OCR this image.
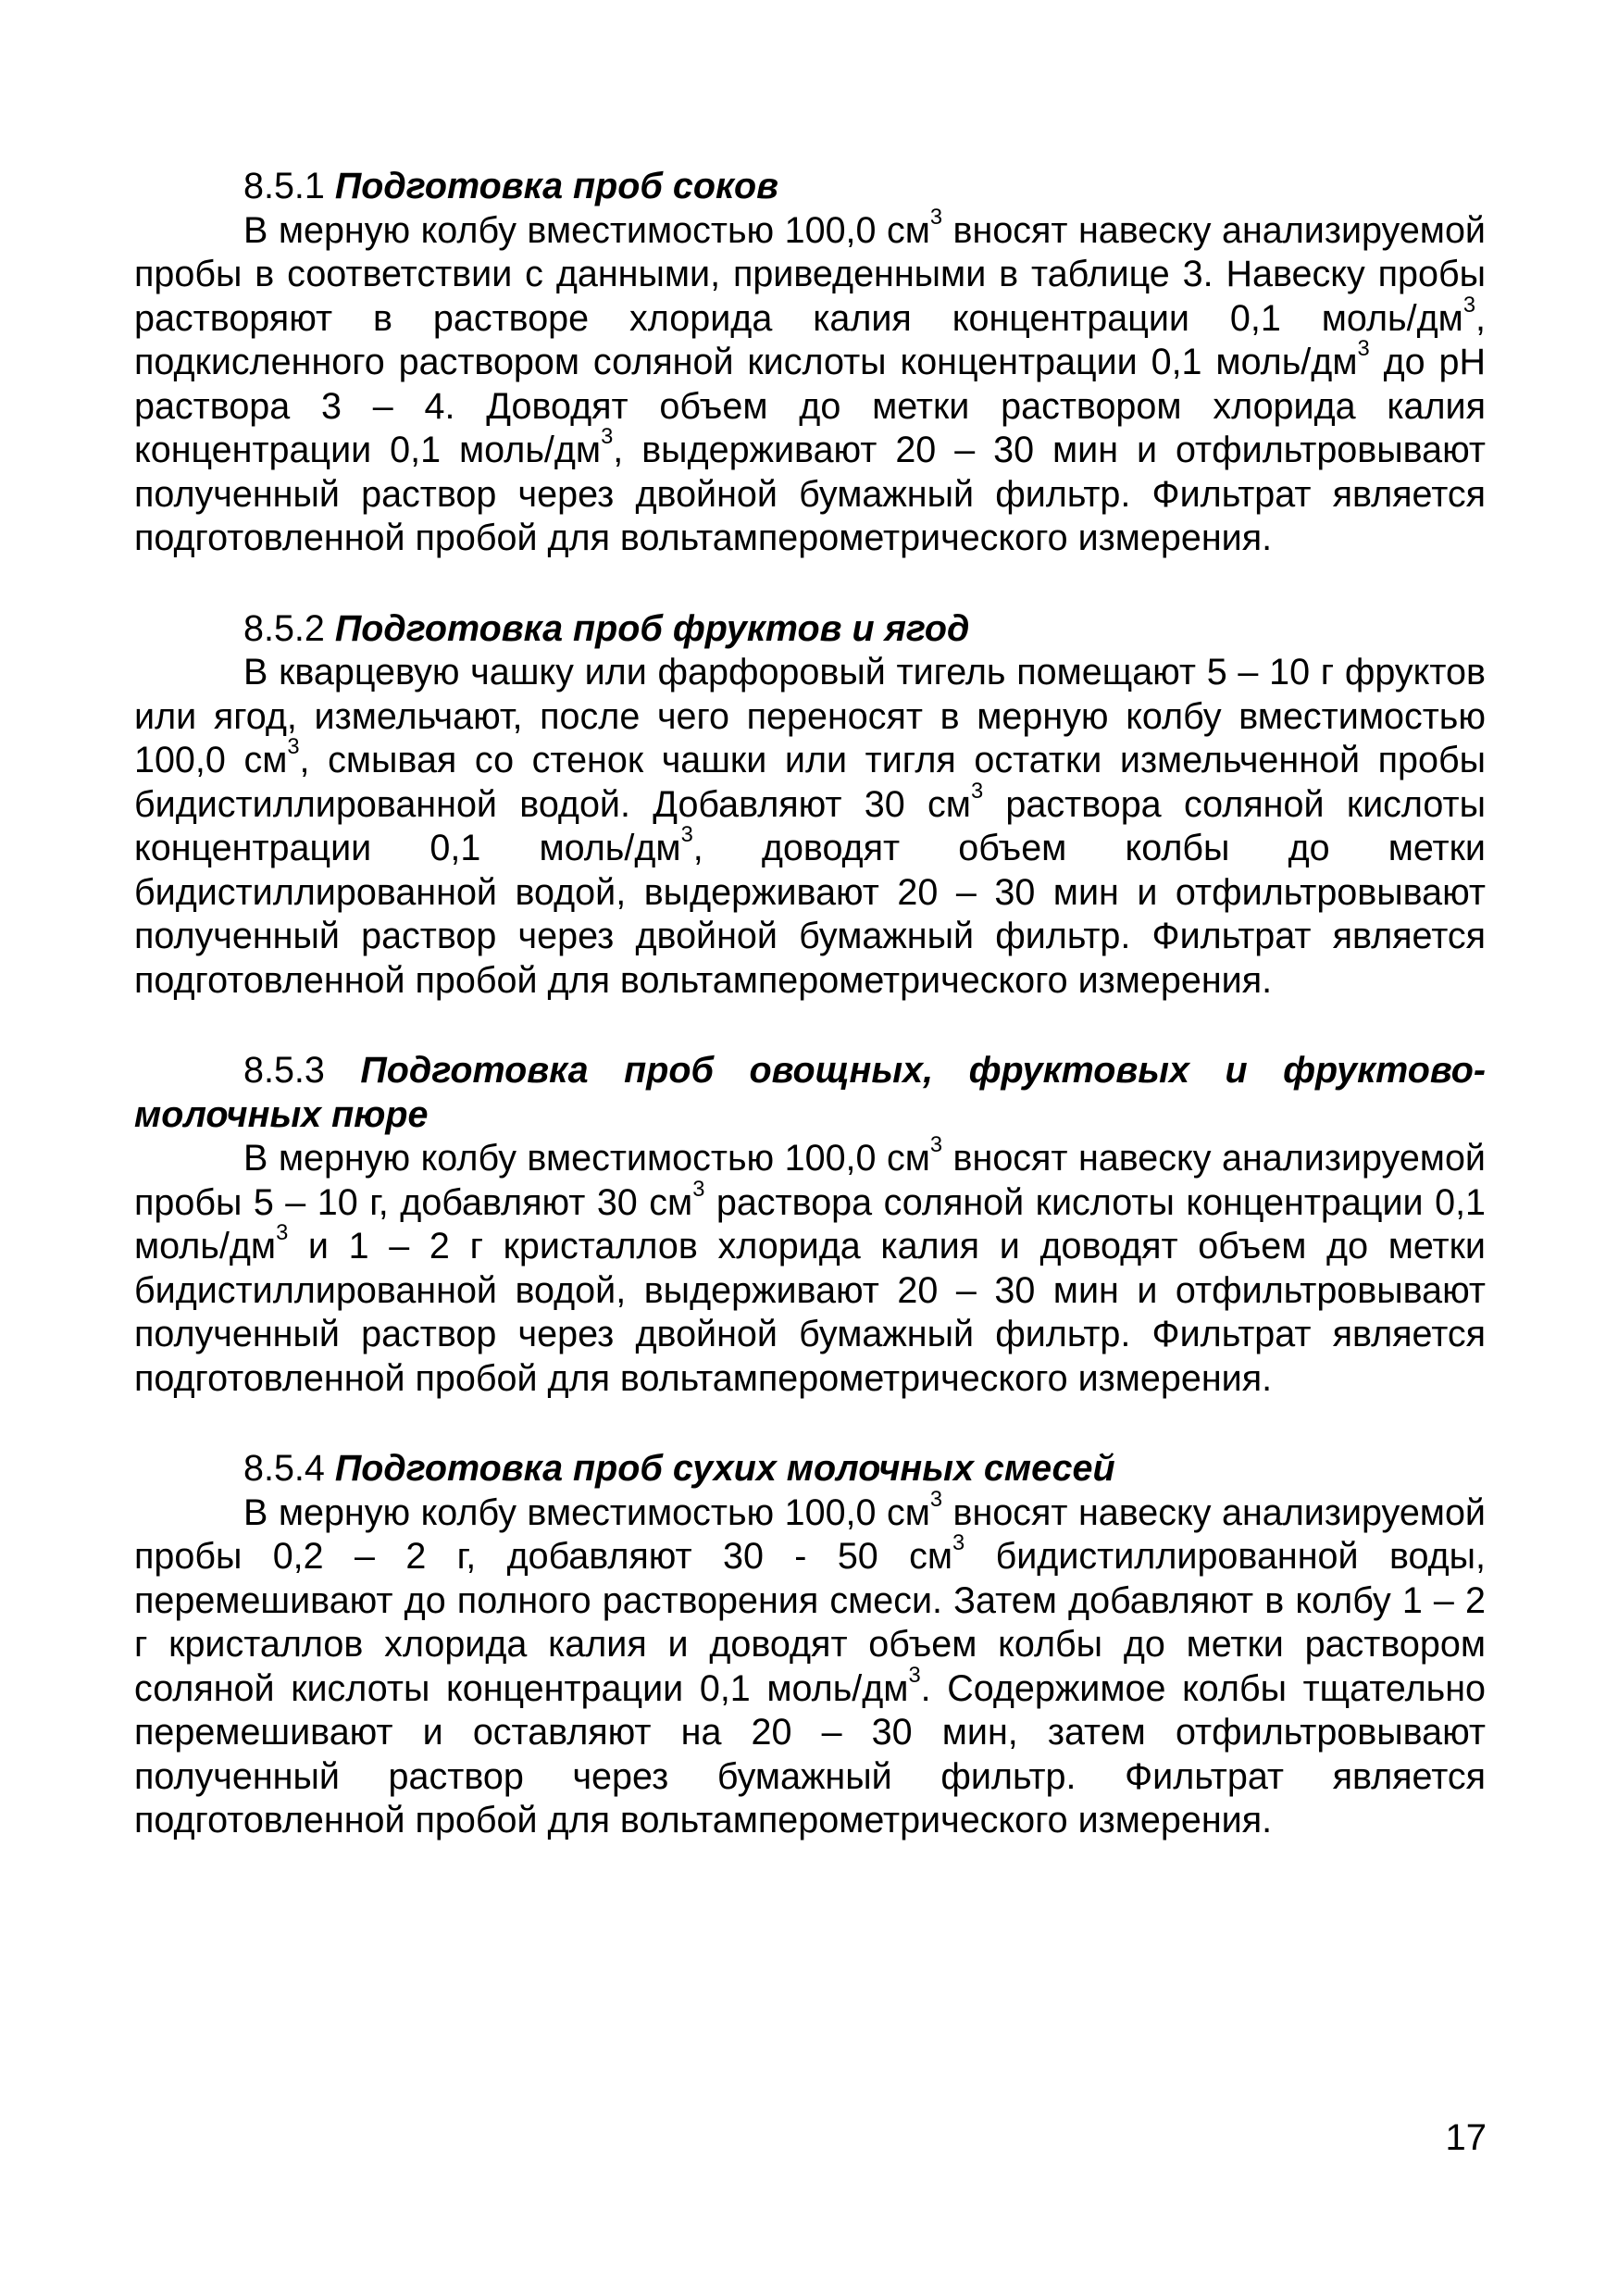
8.5.1 Подготовка проб соков

В мерную колбу вместимостью 100,0 $см^3$ вносят навеску анализируемой пробы в соответствии с данными, приведенными в таблице 3. Навеску пробы растворяют в растворе хлорида калия концентрации 0,1 моль/$дм^3$, подкисленного раствором соляной кислоты концентрации 0,1 моль/$дм^3$ до рН раствора 3 – 4. Доводят объем до метки раствором хлорида калия концентрации 0,1 моль/$дм^3$, выдерживают 20 – 30 мин и отфильтровывают полученный раствор через двойной бумажный фильтр. Фильтрат является подготовленной пробой для вольтамперометрического измерения.

8.5.2 Подготовка проб фруктов и ягод

В кварцевую чашку или фарфоровый тигель помещают 5 – 10 г фруктов или ягод, измельчают, после чего переносят в мерную колбу вместимостью 100,0 $см^3$, смывая со стенок чашки или тигля остатки измельченной пробы бидистиллированной водой. Добавляют 30 $см^3$ раствора соляной кислоты концентрации 0,1 моль/$дм^3$, доводят объем колбы до метки бидистиллированной водой, выдерживают 20 – 30 мин и отфильтровывают полученный раствор через двойной бумажный фильтр. Фильтрат является подготовленной пробой для вольтамперометрического измерения.

8.5.3 Подготовка проб овощных, фруктовых и фруктово-молочных пюре

В мерную колбу вместимостью 100,0 $см^3$ вносят навеску анализируемой пробы 5 – 10 г, добавляют 30 $см^3$ раствора соляной кислоты концентрации 0,1 моль/$дм^3$ и 1 – 2 г кристаллов хлорида калия и доводят объем до метки бидистиллированной водой, выдерживают 20 – 30 мин и отфильтровывают полученный раствор через двойной бумажный фильтр. Фильтрат является подготовленной пробой для вольтамперометрического измерения.

8.5.4 Подготовка проб сухих молочных смесей

В мерную колбу вместимостью 100,0 $см^3$ вносят навеску анализируемой пробы 0,2 – 2 г, добавляют 30 - 50 $см^3$ бидистиллированной воды, перемешивают до полного растворения смеси. Затем добавляют в колбу 1 – 2 г кристаллов хлорида калия и доводят объем колбы до метки раствором соляной кислоты концентрации 0,1 моль/$дм^3$. Содержимое колбы тщательно перемешивают и оставляют на 20 – 30 мин, затем отфильтровывают полученный раствор через бумажный фильтр. Фильтрат является подготовленной пробой для вольтамперометрического измерения.

17
